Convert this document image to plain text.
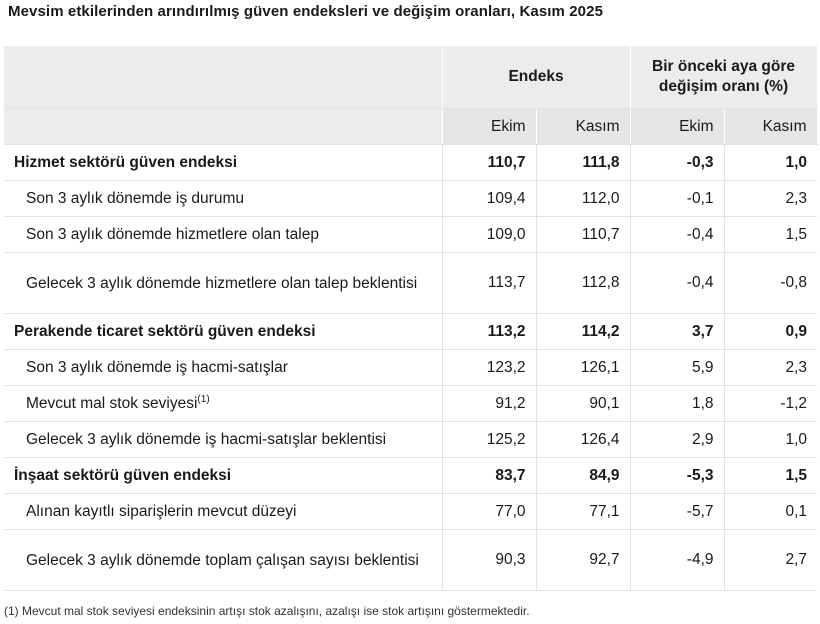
Mevsim etkilerinden arındırılmış güven endeksleri ve değişim oranları, Kasım 2025
	Endeks		Bir önceki aya göre
değişim oranı (%)	
	Ekim	Kasım	Ekim	Kasım
Hizmet sektörü güven endeksi	110,7	111,8	-0,3	1,0
Son 3 aylık dönemde iş durumu	109,4	112,0	-0,1	2,3
Son 3 aylık dönemde hizmetlere olan talep	109,0	110,7	-0,4	1,5
Gelecek 3 aylık dönemde hizmetlere olan talep beklentisi	113,7	112,8	-0,4	-0,8
Perakende ticaret sektörü güven endeksi	113,2	114,2	3,7	0,9
Son 3 aylık dönemde iş hacmi-satışlar	123,2	126,1	5,9	2,3
Mevcut mal stok seviyesi$^{(1)}$	91,2	90,1	1,8	-1,2
Gelecek 3 aylık dönemde iş hacmi-satışlar beklentisi	125,2	126,4	2,9	1,0
İnşaat sektörü güven endeksi	83,7	84,9	-5,3	1,5
Alınan kayıtlı siparişlerin mevcut düzeyi	77,0	77,1	-5,7	0,1
Gelecek 3 aylık dönemde toplam çalışan sayısı beklentisi	90,3	92,7	-4,9	2,7
(1) Mevcut mal stok seviyesi endeksinin artışı stok azalışını, azalışı ise stok artışını göstermektedir.
